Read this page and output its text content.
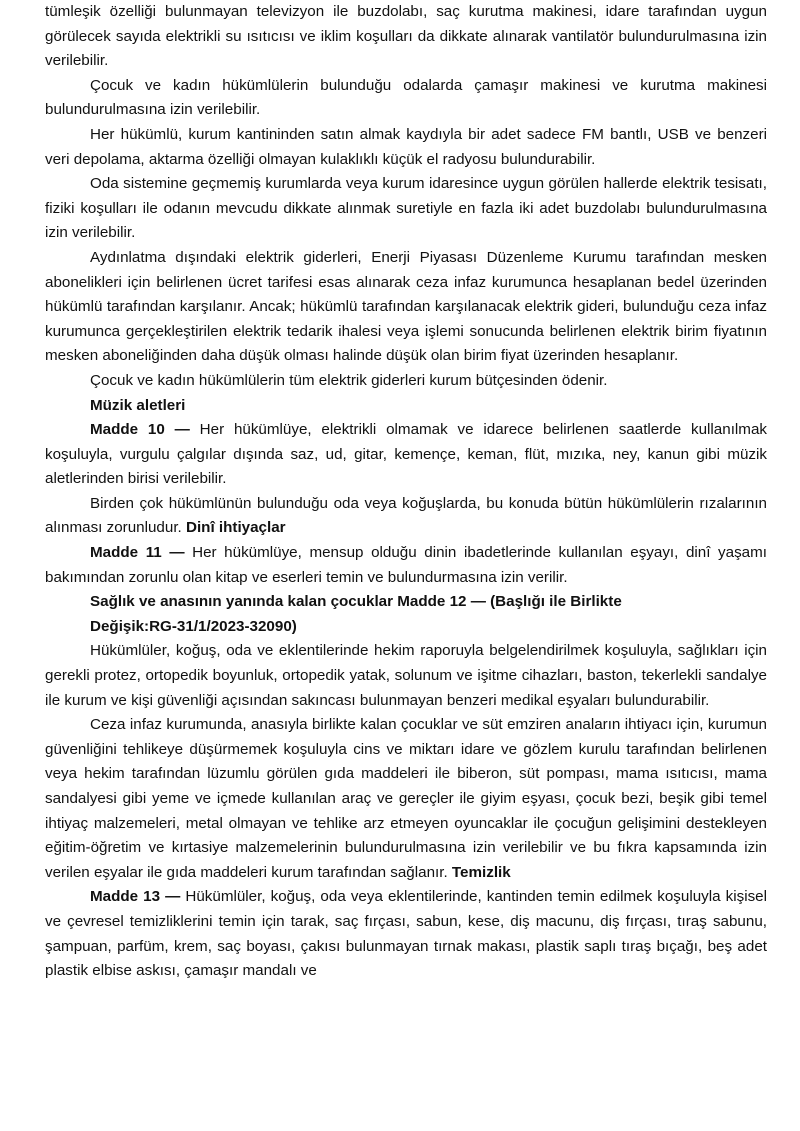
tümleşik özelliği bulunmayan televizyon ile buzdolabı, saç kurutma makinesi, idare tarafından uygun görülecek sayıda elektrikli su ısıtıcısı ve iklim koşulları da dikkate alınarak vantilatör bulundurulmasına izin verilebilir.

Çocuk ve kadın hükümlülerin bulunduğu odalarda çamaşır makinesi ve kurutma makinesi bulundurulmasına izin verilebilir.

Her hükümlü, kurum kantininden satın almak kaydıyla bir adet sadece FM bantlı, USB ve benzeri veri depolama, aktarma özelliği olmayan kulaklıklı küçük el radyosu bulundurabilir.

Oda sistemine geçmemiş kurumlarda veya kurum idaresince uygun görülen hallerde elektrik tesisatı, fiziki koşulları ile odanın mevcudu dikkate alınmak suretiyle en fazla iki adet buzdolabı bulundurulmasına izin verilebilir.

Aydınlatma dışındaki elektrik giderleri, Enerji Piyasası Düzenleme Kurumu tarafından mesken abonelikleri için belirlenen ücret tarifesi esas alınarak ceza infaz kurumunca hesaplanan bedel üzerinden hükümlü tarafından karşılanır. Ancak; hükümlü tarafından karşılanacak elektrik gideri, bulunduğu ceza infaz kurumunca gerçekleştirilen elektrik tedarik ihalesi veya işlemi sonucunda belirlenen elektrik birim fiyatının mesken aboneliğinden daha düşük olması halinde düşük olan birim fiyat üzerinden hesaplanır.

Çocuk ve kadın hükümlülerin tüm elektrik giderleri kurum bütçesinden ödenir.

Müzik aletleri

Madde 10 — Her hükümlüye, elektrikli olmamak ve idarece belirlenen saatlerde kullanılmak koşuluyla, vurgulu çalgılar dışında saz, ud, gitar, kemençe, keman, flüt, mızıka, ney, kanun gibi müzik aletlerinden birisi verilebilir.

Birden çok hükümlünün bulunduğu oda veya koğuşlarda, bu konuda bütün hükümlülerin rızalarının alınması zorunludur. Dinî ihtiyaçlar

Madde 11 — Her hükümlüye, mensup olduğu dinin ibadetlerinde kullanılan eşyayı, dinî yaşamı bakımından zorunlu olan kitap ve eserleri temin ve bulundurmasına izin verilir.

Sağlık ve anasının yanında kalan çocuklar Madde 12 — (Başlığı ile Birlikte
Değişik:RG-31/1/2023-32090)

Hükümlüler, koğuş, oda ve eklentilerinde hekim raporuyla belgelendirilmek koşuluyla, sağlıkları için gerekli protez, ortopedik boyunluk, ortopedik yatak, solunum ve işitme cihazları, baston, tekerlekli sandalye ile kurum ve kişi güvenliği açısından sakıncası bulunmayan benzeri medikal eşyaları bulundurabilir.

Ceza infaz kurumunda, anasıyla birlikte kalan çocuklar ve süt emziren anaların ihtiyacı için, kurumun güvenliğini tehlikeye düşürmemek koşuluyla cins ve miktarı idare ve gözlem kurulu tarafından belirlenen veya hekim tarafından lüzumlu görülen gıda maddeleri ile biberon, süt pompası, mama ısıtıcısı, mama sandalyesi gibi yeme ve içmede kullanılan araç ve gereçler ile giyim eşyası, çocuk bezi, beşik gibi temel ihtiyaç malzemeleri, metal olmayan ve tehlike arz etmeyen oyuncaklar ile çocuğun gelişimini destekleyen eğitim-öğretim ve kırtasiye malzemelerinin bulundurulmasına izin verilebilir ve bu fıkra kapsamında izin verilen eşyalar ile gıda maddeleri kurum tarafından sağlanır. Temizlik

Madde 13 — Hükümlüler, koğuş, oda veya eklentilerinde, kantinden temin edilmek koşuluyla kişisel ve çevresel temizliklerini temin için tarak, saç fırçası, sabun, kese, diş macunu, diş fırçası, tıraş sabunu, şampuan, parfüm, krem, saç boyası, çakısı bulunmayan tırnak makası, plastik saplı tıraş bıçağı, beş adet plastik elbise askısı, çamaşır mandalı ve
